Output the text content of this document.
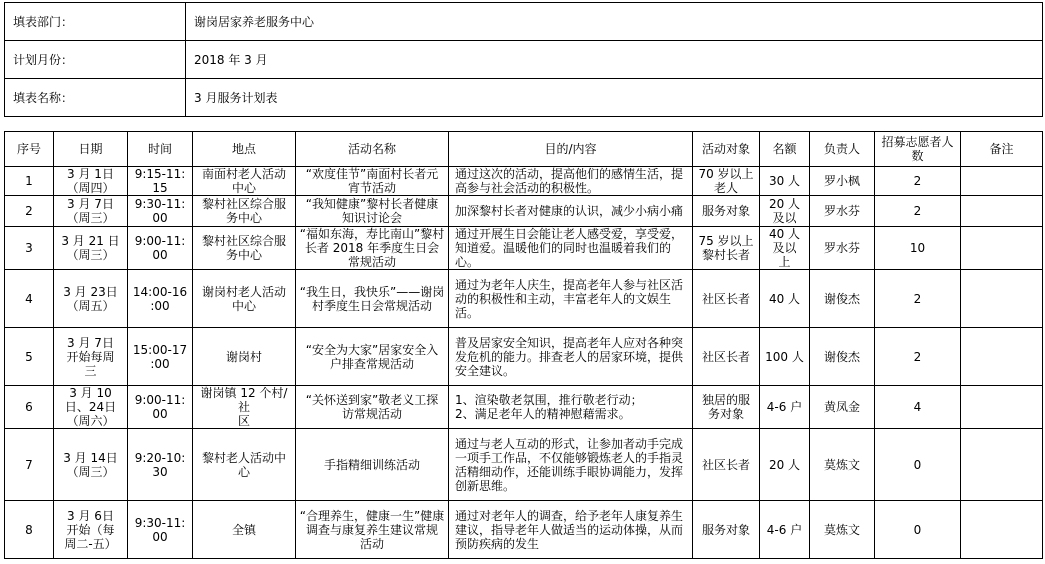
填表部门：	谢岗居家养老服务中心
计划月份：	2018 年 3 月
填表名称：	3 月服务计划表
序号	日期	时间	地点	活动名称	目的/内容	活动对象	名额	负责人	招募志愿者人数	备注
1	3 月 1日
（周四）	9:15-11:
15	南面村老人活动
中心	“欢度佳节”南面村长者元
宵节活动	通过这次的活动，提高他们的感情生活，提
高参与社会活动的积极性。	70 岁以上
老人	30 人	罗小枫	2	
2	3 月 7日
（周三）	9:30-11:
00	黎村社区综合服
务中心	“我知健康”黎村长者健康
知识讨论会	加深黎村长者对健康的认识，减少小病小痛	服务对象	20 人
及以	罗水芬	2	
3	3 月 21 日
（周三）	9:00-11:
00	黎村社区综合服
务中心	“福如东海，寿比南山”黎村
长者 2018 年季度生日会
常规活动	通过开展生日会能让老人感受爱，享受爱，
知道爱。温暖他们的同时也温暖着我们的
心。	75 岁以上
黎村长者	40 人
及以
上	罗水芬	10	
4	3 月 23日
（周五）	14:00-16
:00	谢岗村老人活动
中心	“我生日，我快乐”——谢岗
村季度生日会常规活动	通过为老年人庆生，提高老年人参与社区活
动的积极性和主动，丰富老年人的文娱生
活。	社区长者	40 人	谢俊杰	2	
5	3 月 7日
开始每周
三	15:00-17
:00	谢岗村	“安全为大家”居家安全入
户排查常规活动	普及居家安全知识，提高老年人应对各种突
发危机的能力。排查老人的居家环境，提供
安全建议。	社区长者	100 人	谢俊杰	2	
6	3 月 10
日、24日
（周六）	9:00-11:
00	谢岗镇 12 个村/社
区	“关怀送到家”敬老义工探
访常规活动	1、渲染敬老氛围，推行敬老行动；
2、满足老年人的精神慰藉需求。	独居的服
务对象	4-6 户	黄凤金	4	
7	3 月 14日
（周三）	9:20-10:
30	黎村老人活动中
心	手指精细训练活动	通过与老人互动的形式，让参加者动手完成
一项手工作品，不仅能够锻炼老人的手指灵
活精细动作，还能训练手眼协调能力，发挥
创新思维。	社区长者	20 人	莫炼文	0	
8	3 月 6日
开始（每
周二-五）	9:30-11:
00	全镇	“合理养生，健康一生”健康
调查与康复养生建议常规
活动	通过对老年人的调查，给予老年人康复养生
建议，指导老年人做适当的运动体操，从而
预防疾病的发生	服务对象	4-6 户	莫炼文	0	
